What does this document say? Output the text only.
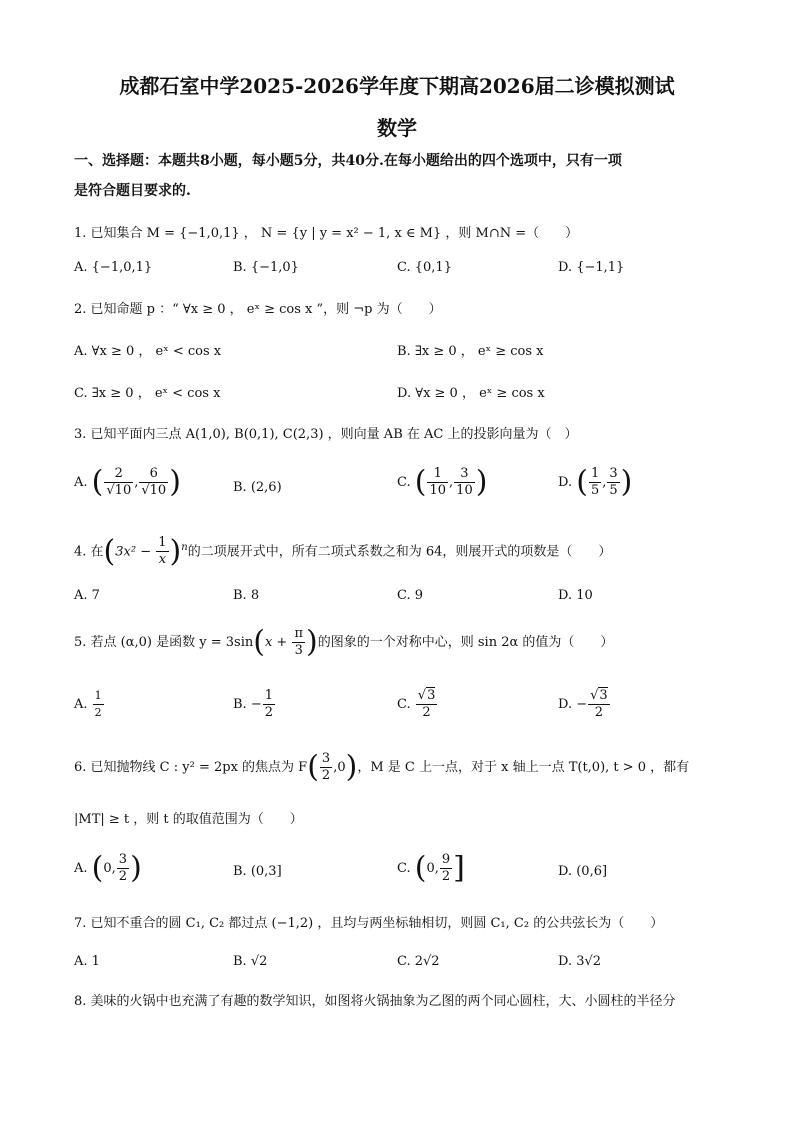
成都石室中学2025-2026学年度下期高2026届二诊模拟测试
数学
一、选择题：本题共8小题，每小题5分，共40分.在每小题给出的四个选项中，只有一项
是符合题目要求的.
1. 已知集合 M = {−1,0,1} ， N = {y | y = x² − 1, x ∈ M} ，则 M∩N =（　　）
A. {−1,0,1}	B. {−1,0}	C. {0,1}	D. {−1,1}
2. 已知命题 p ：“ ∀x ≥ 0 ， eˣ ≥ cos x ”，则 ¬p 为（　　）
A. ∀x ≥ 0 ， eˣ < cos x	B. ∃x ≥ 0 ， eˣ ≥ cos x
C. ∃x ≥ 0 ， eˣ < cos x	D. ∀x ≥ 0 ， eˣ ≥ cos x
3. 已知平面内三点 A(1,0), B(0,1), C(2,3) ，则向量 AB 在 AC 上的投影向量为（　）
A. ( $\frac{2}{√10}$ , $\frac{6}{√10}$ )	B. (2,6)	C. ( $\frac{1}{10}$ , $\frac{3}{10}$ )	D. ( $\frac{1}{5}$ , $\frac{3}{5}$ )
4. 在$(3x^2 - \frac{1}{x} )^n$的二项展开式中，所有二项式系数之和为 64，则展开式的项数是（　　）
A. 7	B. 8	C. 9	D. 10
5. 若点 (α,0) 是函数 $y = 3\sin(x + \frac{\pi}{3}$ )的图象的一个对称中心，则 sin 2α 的值为（　　）
A. $\frac{1}{2}$	B. − $\frac{1}{2}$	C. $\frac{√3}{2}$	D. − $\frac{√3}{2}$
6. 已知抛物线 C : y² = 2px 的焦点为 $F( \frac{3}{2} ,0)$，M 是 C 上一点，对于 x 轴上一点 T(t,0), t > 0 ，都有
|MT| ≥ t ，则 t 的取值范围为（　　）
A. (0, $\frac{3}{2}$ )	B. (0,3]	C. (0, $\frac{9}{2}$ ]	D. (0,6]
7. 已知不重合的圆 C₁, C₂ 都过点 (−1,2) ，且均与两坐标轴相切，则圆 C₁, C₂ 的公共弦长为（　　）
A. 1	B. √2	C. 2√2	D. 3√2
8. 美味的火锅中也充满了有趣的数学知识，如图将火锅抽象为乙图的两个同心圆柱，大、小圆柱的半径分
